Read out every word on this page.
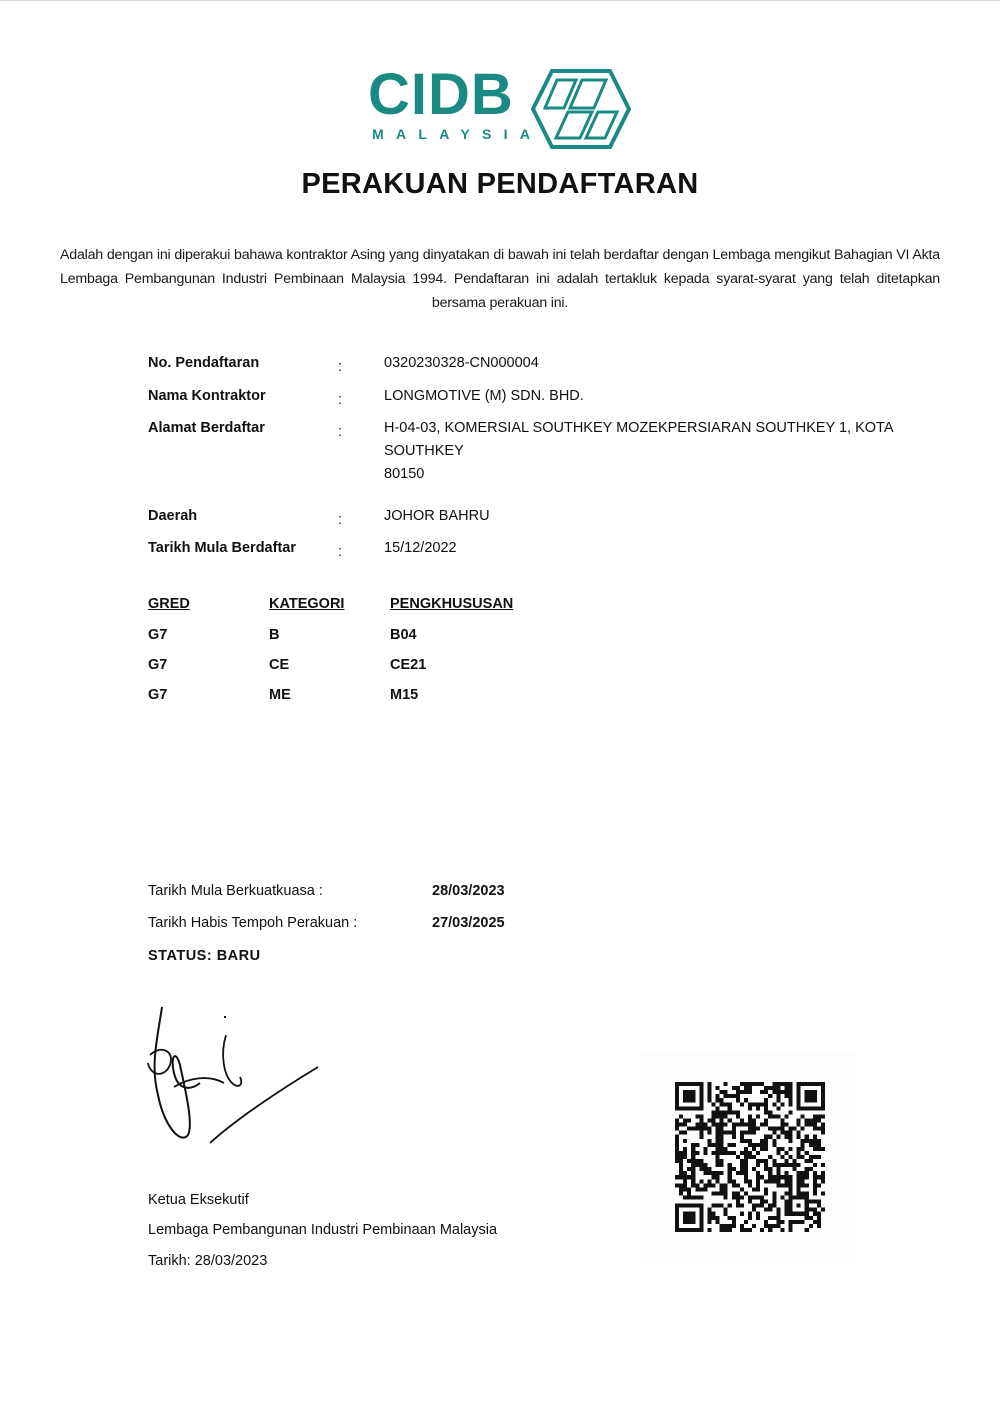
CIDB
MALAYSIA
PERAKUAN PENDAFTARAN
Adalah dengan ini diperakui bahawa kontraktor Asing yang dinyatakan di bawah ini telah berdaftar dengan Lembaga mengikut Bahagian VI Akta Lembaga Pembangunan Industri Pembinaan Malaysia 1994. Pendaftaran ini adalah tertakluk kepada syarat-syarat yang telah ditetapkan bersama perakuan ini.
No. Pendaftaran	:	0320230328-CN000004
Nama Kontraktor	:	LONGMOTIVE (M) SDN. BHD.
Alamat Berdaftar	:	H-04-03, KOMERSIAL SOUTHKEY MOZEKPERSIARAN SOUTHKEY 1, KOTA SOUTHKEY
80150
Daerah	:	JOHOR BAHRU
Tarikh Mula Berdaftar	:	15/12/2022
GRED	KATEGORI	PENGKHUSUSAN
G7	B	B04
G7	CE	CE21
G7	ME	M15
Tarikh Mula Berkuatkuasa :	28/03/2023
Tarikh Habis Tempoh Perakuan :	27/03/2025
STATUS: BARU
Ketua Eksekutif
Lembaga Pembangunan Industri Pembinaan Malaysia
Tarikh: 28/03/2023
